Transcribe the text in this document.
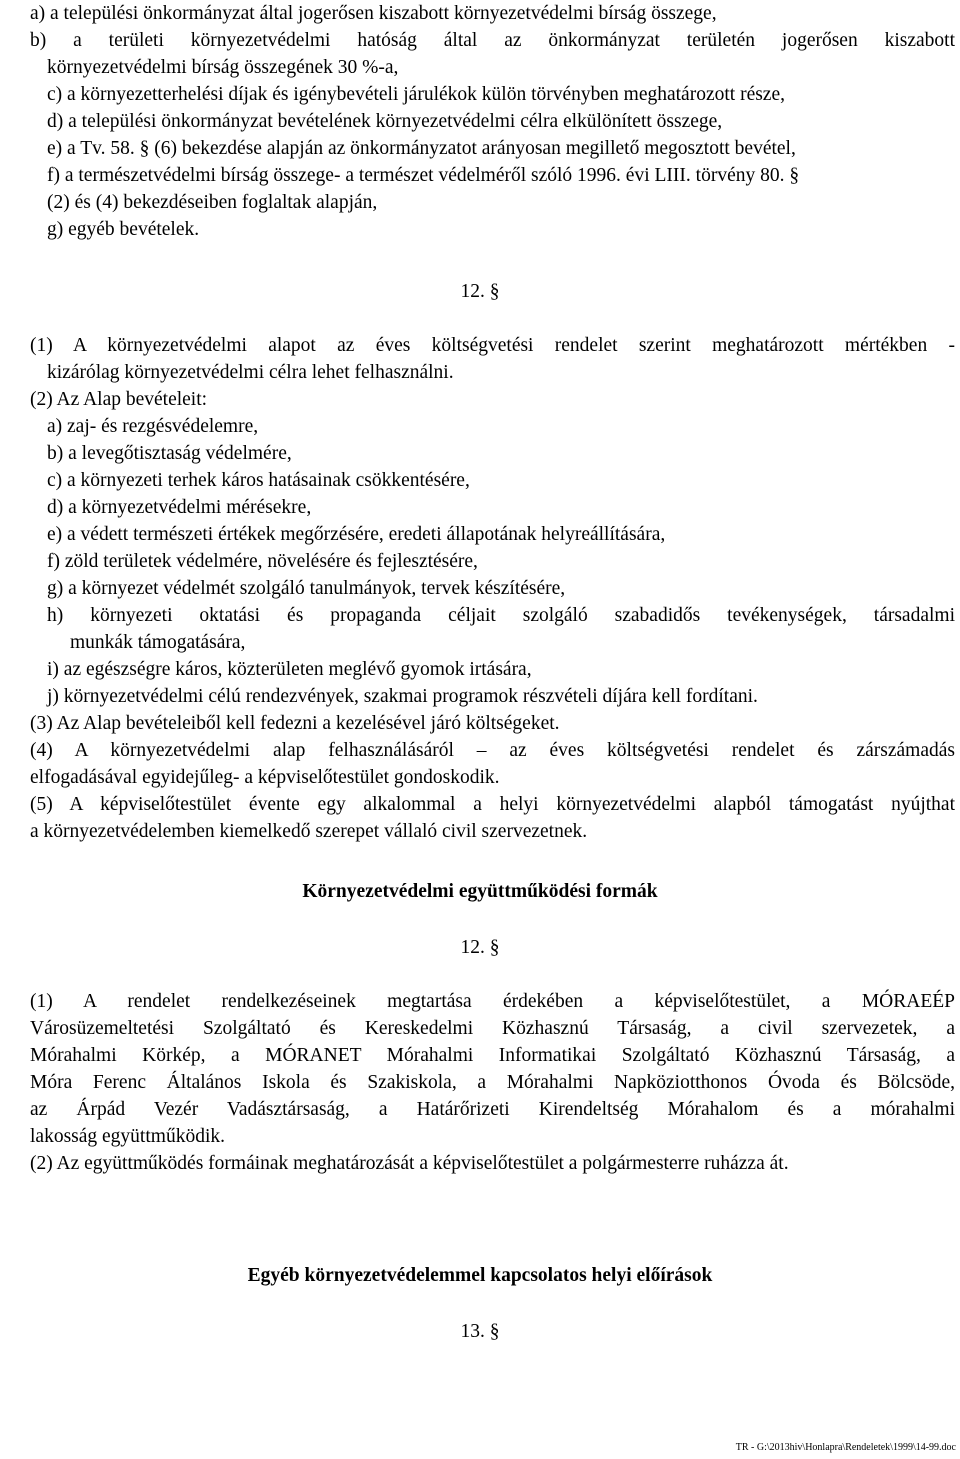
a) a települési önkormányzat által jogerősen kiszabott környezetvédelmi bírság összege,
b) a területi környezetvédelmi hatóság által az önkormányzat területén jogerősen kiszabott
környezetvédelmi bírság összegének 30 %-a,
c) a környezetterhelési díjak és igénybevételi járulékok külön törvényben meghatározott része,
d) a települési önkormányzat bevételének környezetvédelmi célra elkülönített összege,
e) a Tv. 58. § (6) bekezdése alapján az önkormányzatot arányosan megillető megosztott bevétel,
f) a természetvédelmi bírság összege- a természet védelméről szóló 1996. évi LIII. törvény 80. §
(2) és (4) bekezdéseiben foglaltak alapján,
g) egyéb bevételek.
12. §
(1) A környezetvédelmi alapot az éves költségvetési rendelet szerint meghatározott mértékben -
kizárólag környezetvédelmi célra lehet felhasználni.
(2) Az Alap bevételeit:
a) zaj- és rezgésvédelemre,
b) a levegőtisztaság védelmére,
c) a környezeti terhek káros hatásainak csökkentésére,
d) a környezetvédelmi mérésekre,
e) a védett természeti értékek megőrzésére, eredeti állapotának helyreállítására,
f) zöld területek védelmére, növelésére és fejlesztésére,
g) a környezet védelmét szolgáló tanulmányok, tervek készítésére,
h) környezeti oktatási és propaganda céljait szolgáló szabadidős tevékenységek, társadalmi
munkák támogatására,
i) az egészségre káros, közterületen meglévő gyomok irtására,
j) környezetvédelmi célú rendezvények, szakmai programok részvételi díjára kell fordítani.
(3) Az Alap bevételeiből kell fedezni a kezelésével járó költségeket.
(4) A környezetvédelmi alap felhasználásáról – az éves költségvetési rendelet és zárszámadás
elfogadásával egyidejűleg- a képviselőtestület gondoskodik.
(5) A képviselőtestület évente egy alkalommal a helyi környezetvédelmi alapból támogatást nyújthat
a környezetvédelemben kiemelkedő szerepet vállaló civil szervezetnek.
Környezetvédelmi együttműködési formák
12. §
(1) A rendelet rendelkezéseinek megtartása érdekében a képviselőtestület, a MÓRAEÉP
Városüzemeltetési Szolgáltató és Kereskedelmi Közhasznú Társaság, a civil szervezetek, a
Mórahalmi Körkép, a MÓRANET Mórahalmi Informatikai Szolgáltató Közhasznú Társaság, a
Móra Ferenc Általános Iskola és Szakiskola, a Mórahalmi Napköziotthonos Óvoda és Bölcsöde,
az Árpád Vezér Vadásztársaság, a Határőrizeti Kirendeltség Mórahalom és a mórahalmi
lakosság együttműködik.
(2) Az együttműködés formáinak meghatározását a képviselőtestület a polgármesterre ruházza át.
Egyéb környezetvédelemmel kapcsolatos helyi előírások
13. §
TR - G:\2013hiv\Honlapra\Rendeletek\1999\14-99.doc
